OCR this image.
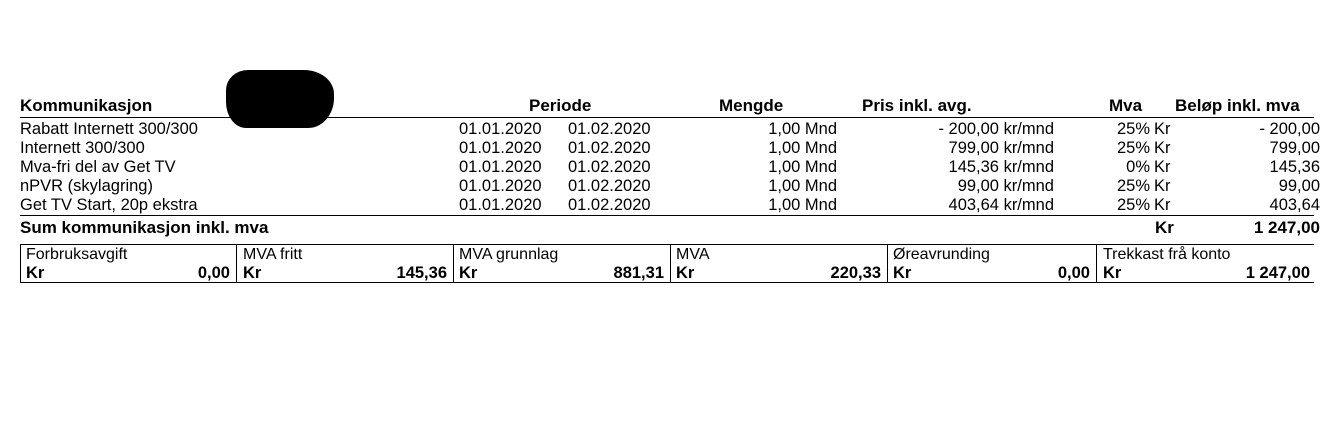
Kommunikasjon	Periode	Mengde	Pris inkl. avg.	Mva Beløp inkl. mva
Rabatt Internett 300/300	01.01.2020 01.02.2020	1,00 Mnd	- 200,00 kr/mnd	25% Kr	- 200,00
Internett 300/300	01.01.2020 01.02.2020	1,00 Mnd	799,00 kr/mnd	25% Kr	799,00
Mva-fri del av Get TV	01.01.2020 01.02.2020	1,00 Mnd	145,36 kr/mnd	0% Kr	145,36
nPVR (skylagring)	01.01.2020 01.02.2020	1,00 Mnd	99,00 kr/mnd	25% Kr	99,00
Get TV Start, 20p ekstra	01.01.2020 01.02.2020	1,00 Mnd	403,64 kr/mnd	25% Kr	403,64
Sum kommunikasjon inkl. mva	Kr	1 247,00
Forbruksavgift
Kr	0,00
MVA fritt
Kr	145,36
MVA grunnlag
Kr	881,31
MVA
Kr	220,33
Øreavrunding
Kr	0,00
Trekkast frå konto
Kr	1 247,00
